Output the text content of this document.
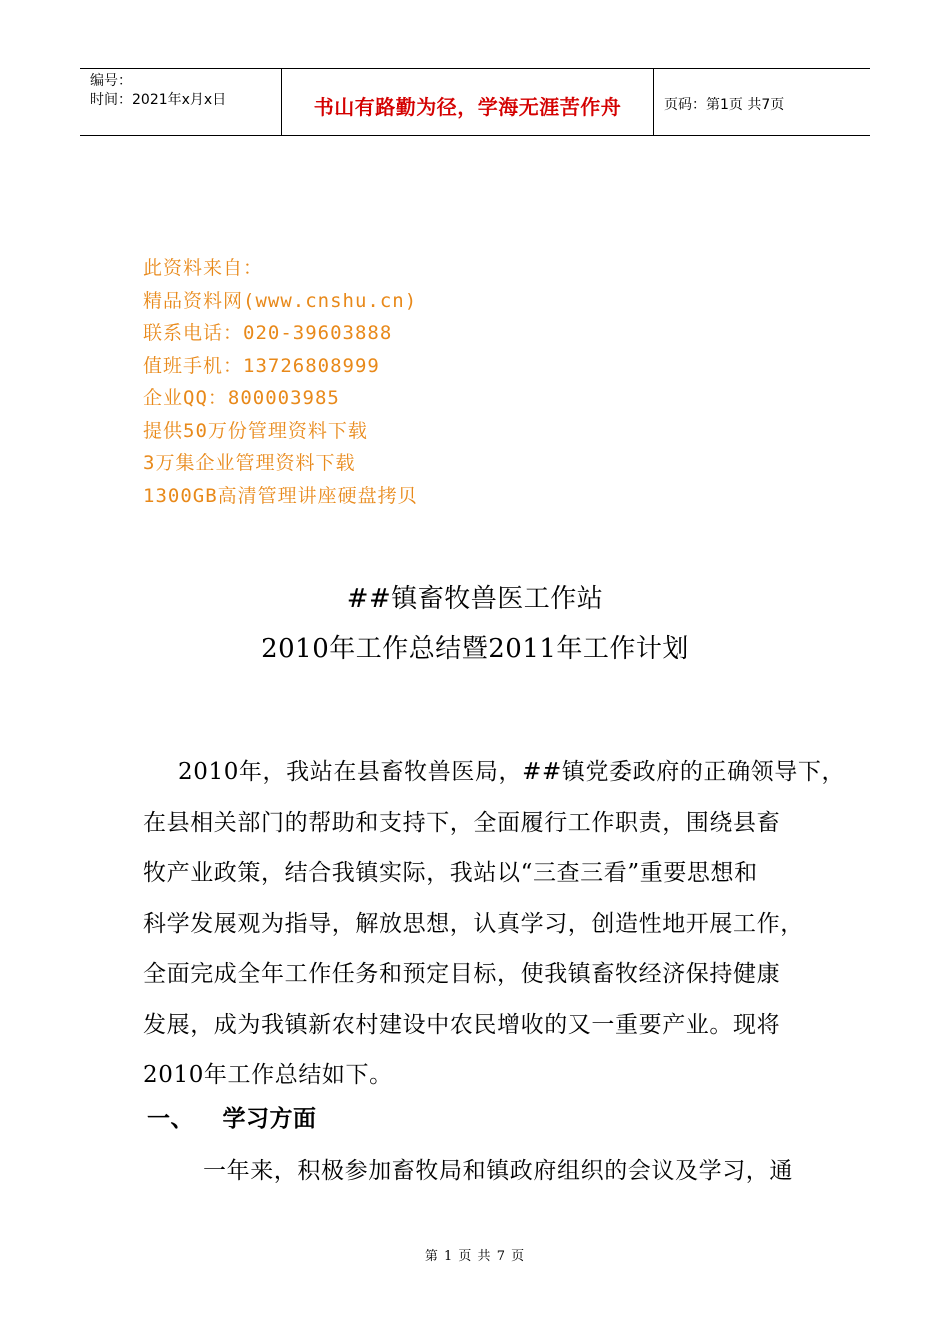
编号：
时间：2021年x月x日	书山有路勤为径，学海无涯苦作舟	页码：第1页 共7页
此资料来自：
精品资料网(www.cnshu.cn)
联系电话：020-39603888
值班手机：13726808999
企业QQ：800003985
提供50万份管理资料下载
3万集企业管理资料下载
1300GB高清管理讲座硬盘拷贝
##镇畜牧兽医工作站
2010年工作总结暨2011年工作计划
2010年，我站在县畜牧兽医局，##镇党委政府的正确领导下，
在县相关部门的帮助和支持下，全面履行工作职责，围绕县畜
牧产业政策，结合我镇实际，我站以“三查三看”重要思想和
科学发展观为指导，解放思想，认真学习，创造性地开展工作，
全面完成全年工作任务和预定目标，使我镇畜牧经济保持健康
发展，成为我镇新农村建设中农民增收的又一重要产业。现将
2010年工作总结如下。
一、 学习方面
一年来，积极参加畜牧局和镇政府组织的会议及学习，通
第 1 页 共 7 页
